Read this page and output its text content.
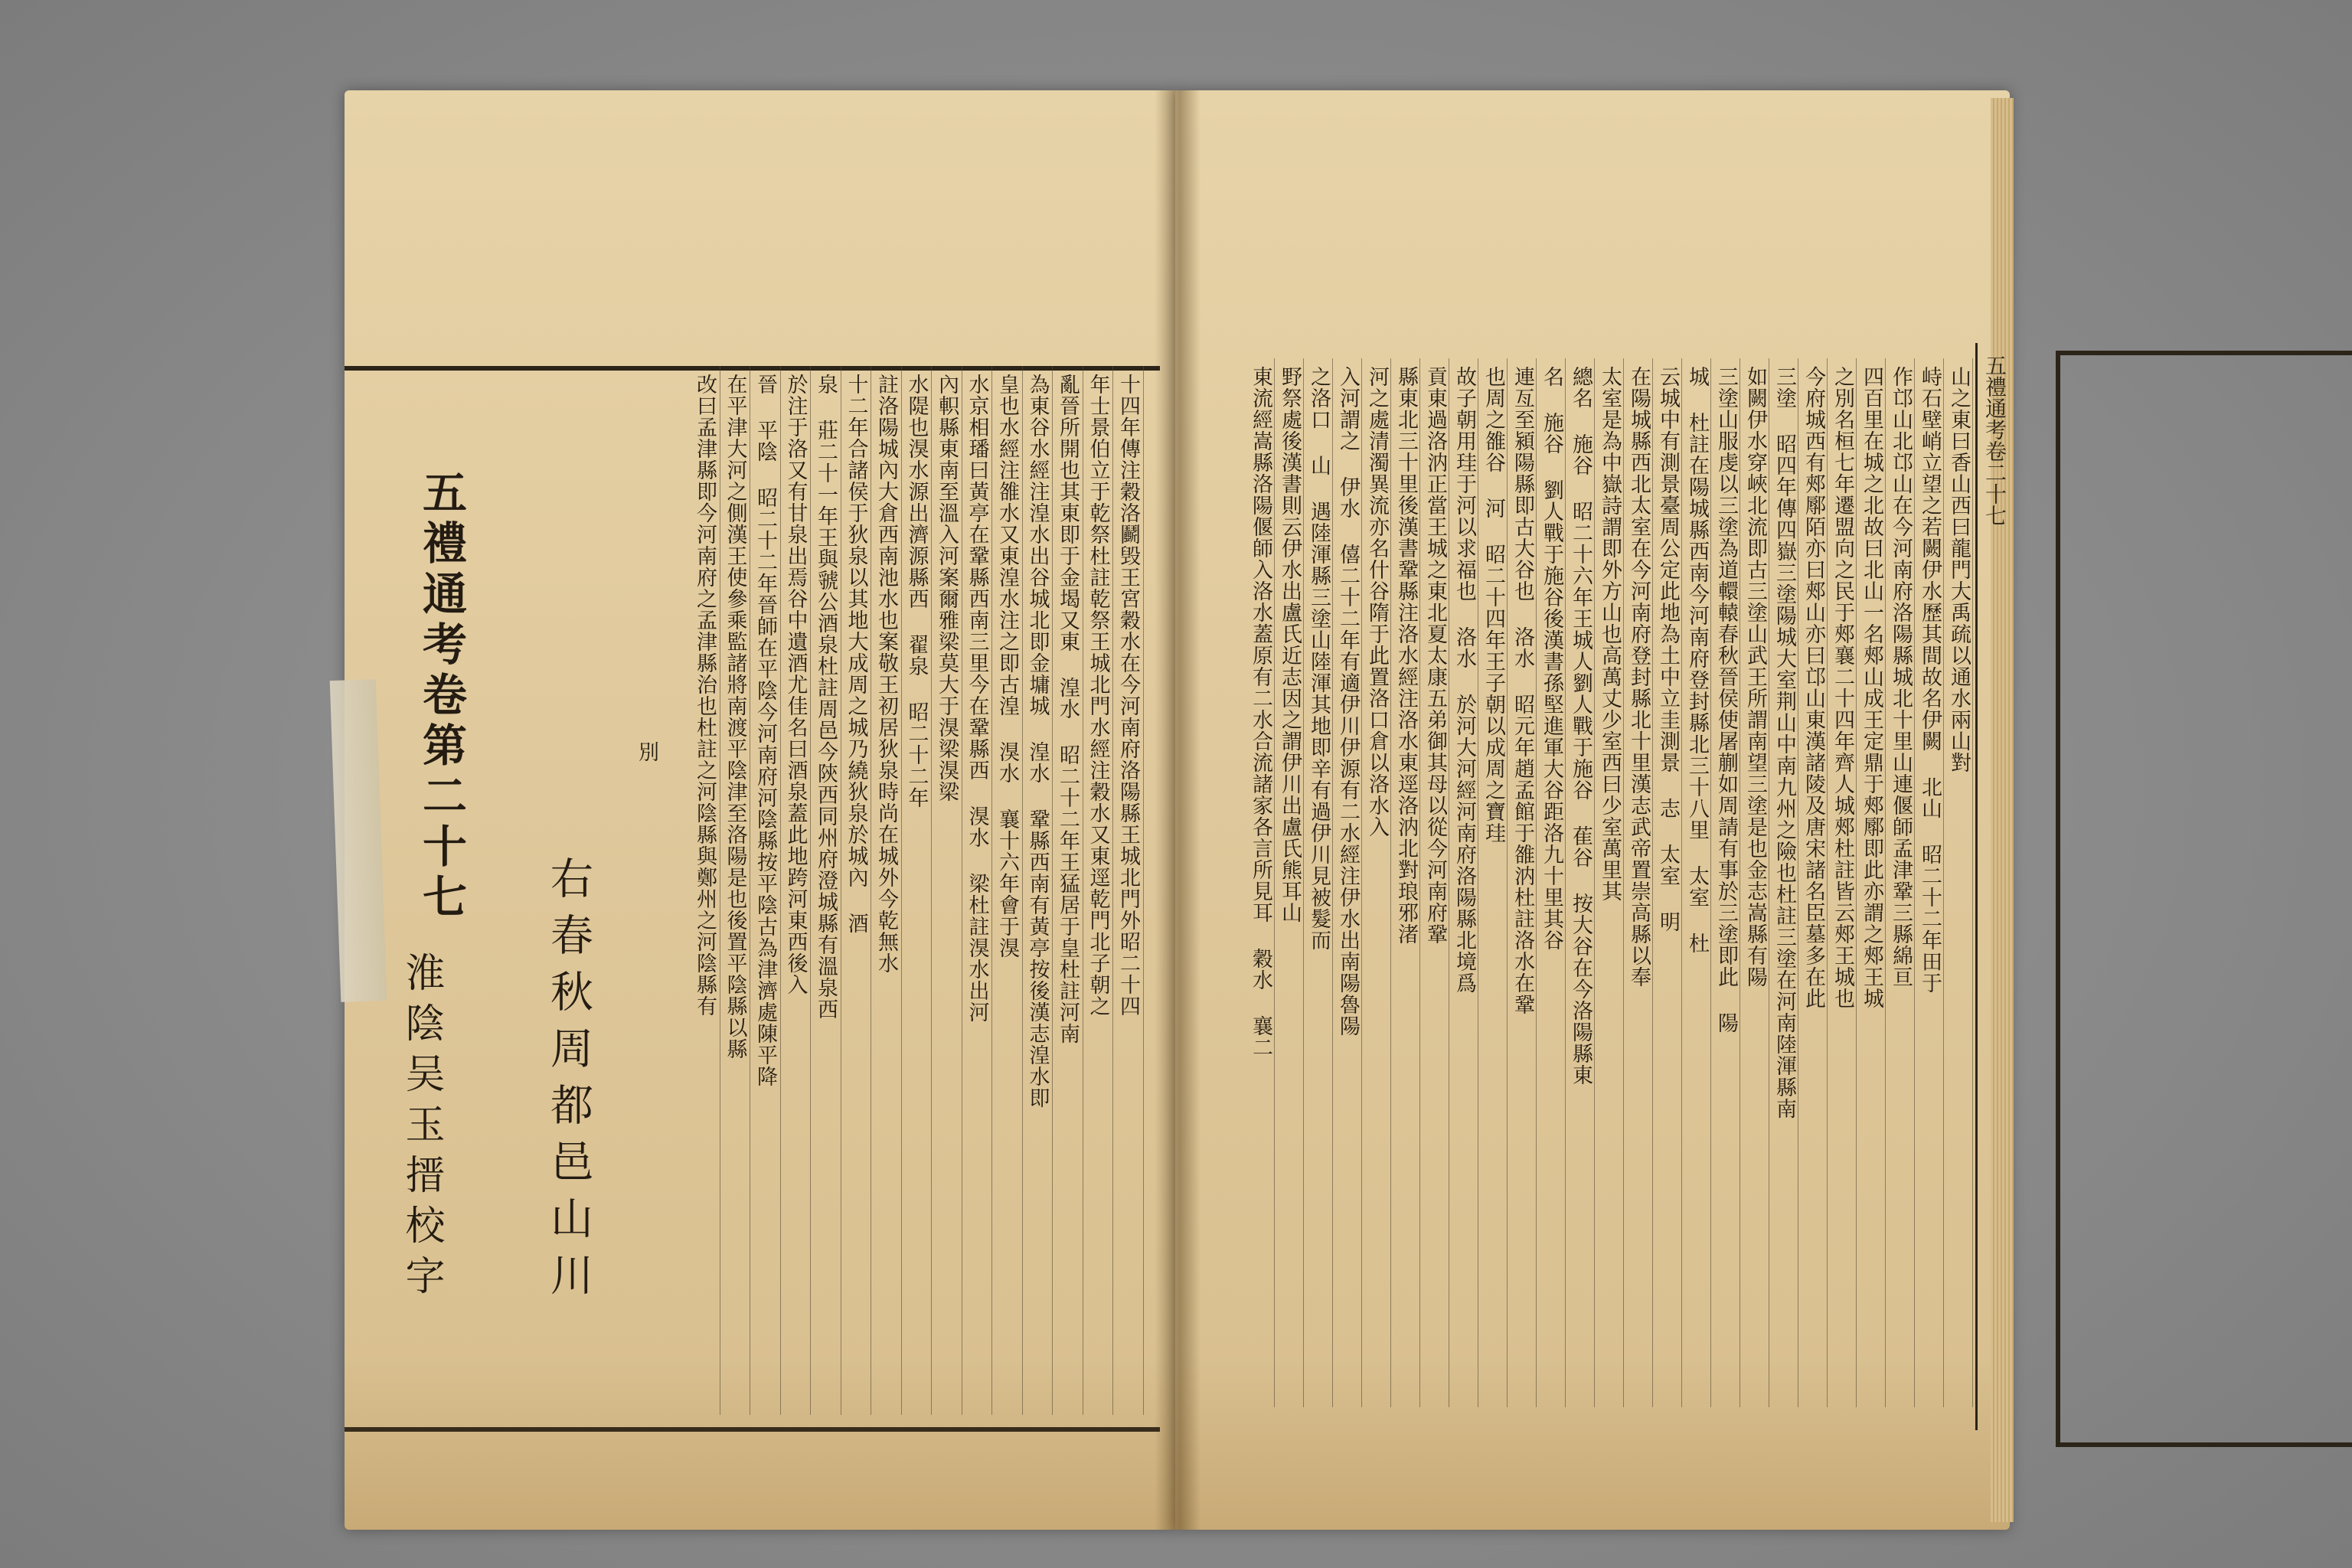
五禮通考卷第二十七
右春秋周都邑山川
淮陰吴玉搢校字
別	十四年傳注穀洛鬬毁王宮穀水在今河南府洛陽縣王城北門外昭二十四
年士景伯立于乾祭杜註乾祭王城北門水經注穀水又東逕乾門北子朝之
亂晉所開也其東即于金堨又東 湟水 昭二十二年王猛居于皇杜註河南
為東谷水經注湟水出谷城北即金墉城 湟水 鞏縣西南有黃亭按後漢志湟水即
皇也水經注雒水又東湟水注之即古湟 湨水 襄十六年會于湨
水京相璠曰黃亭在鞏縣西南三里今在鞏縣西 湨水 梁杜註湨水出河
內軹縣東南至溫入河案爾雅梁莫大于湨梁湨梁
水隄也湨水源出濟源縣西 翟泉 昭二十二年
註洛陽城內大倉西南池水也案敬王初居狄泉時尚在城外今乾無水
十二年合諸侯于狄泉以其地大成周之城乃繞狄泉於城內 酒
泉 莊二十一年王與虢公酒泉杜註周邑今陝西同州府澄城縣有溫泉西
於注于洛又有甘泉出焉谷中遺酒尤佳名曰酒泉蓋此地跨河東西後入
晉 平陰 昭二十二年晉師在平陰今河南府河陰縣按平陰古為津濟處陳平降
在平津大河之側漢王使參乘監諸將南渡平陰津至洛陽是也後置平陰縣以縣
改曰孟津縣即今河南府之孟津縣治也杜註之河陰縣與鄭州之河陰縣有	五禮通考卷二十七
山之東曰香山西曰龍門大禹疏以通水兩山對
峙石壁峭立望之若闕伊水歷其間故名伊闕 北山 昭二十二年田于
作邙山北邙山在今河南府洛陽縣城北十里山連偃師孟津鞏三縣綿亘
四百里在城之北故曰北山一名郟山成王定鼎于郟鄏即此亦謂之郟王城
之別名桓七年遷盟向之民于郟襄二十四年齊人城郟杜註皆云郟王城也
今府城西有郟鄏陌亦曰郟山亦曰邙山東漢諸陵及唐宋諸名臣墓多在此
三塗 昭四年傳四嶽三塗陽城大室荆山中南九州之險也杜註三塗在河南陸渾縣南
如闕伊水穿峽北流即古三塗山武王所謂南望三塗是也金志嵩縣有陽
三塗山服虔以三塗為道轘轅春秋晉侯使屠蒯如周請有事於三塗即此 陽
城 杜註在陽城縣西南今河南府登封縣北三十八里 太室 杜
云城中有測景臺周公定此地為土中立圭測景 志 太室 明
在陽城縣西北太室在今河南府登封縣北十里漢志武帝置崇高縣以奉
太室是為中嶽詩謂即外方山也高萬丈少室西曰少室萬里其
總名 施谷 昭二十六年王城人劉人戰于施谷 萑谷 按大谷在今洛陽縣東
名 施谷 劉人戰于施谷後漢書孫堅進軍大谷距洛九十里其谷
連亙至潁陽縣即古大谷也 洛水 昭元年趙孟館于雒汭杜註洛水在鞏
也周之雒谷 河 昭二十四年王子朝以成周之寶珪
故子朝用珪于河以求福也 洛水 於河大河經河南府洛陽縣北境爲
貢東過洛汭正當王城之東北夏太康五弟御其母以從今河南府鞏
縣東北三十里後漢書鞏縣注洛水經注洛水東逕洛汭北對琅邪渚
河之處清濁異流亦名什谷隋于此置洛口倉以洛水入
入河謂之 伊水 僖二十二年有適伊川伊源有二水經注伊水出南陽魯陽
之洛口 山 遇陸渾縣三塗山陸渾其地即辛有過伊川見被髮而
野祭處後漢書則云伊水出盧氏近志因之謂伊川出盧氏熊耳山
東流經嵩縣洛陽偃師入洛水蓋原有二水合流諸家各言所見耳 穀水 襄二
